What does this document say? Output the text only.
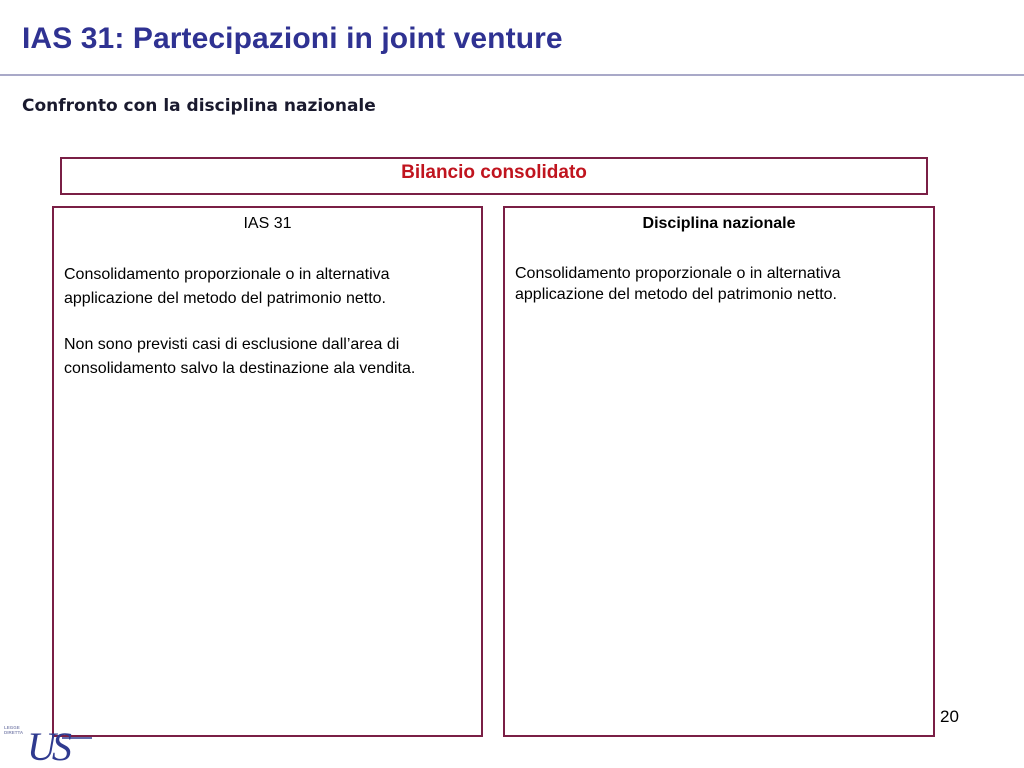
IAS 31: Partecipazioni in joint venture
Confronto con la disciplina nazionale
Bilancio consolidato
IAS 31

Consolidamento proporzionale o in alternativa applicazione del metodo del patrimonio netto.

Non sono previsti casi di esclusione dall’area di consolidamento salvo la destinazione ala vendita.

Disciplina nazionale

Consolidamento proporzionale o in alternativa applicazione del metodo del patrimonio netto.

20
LEGGE
DIRETTA US
